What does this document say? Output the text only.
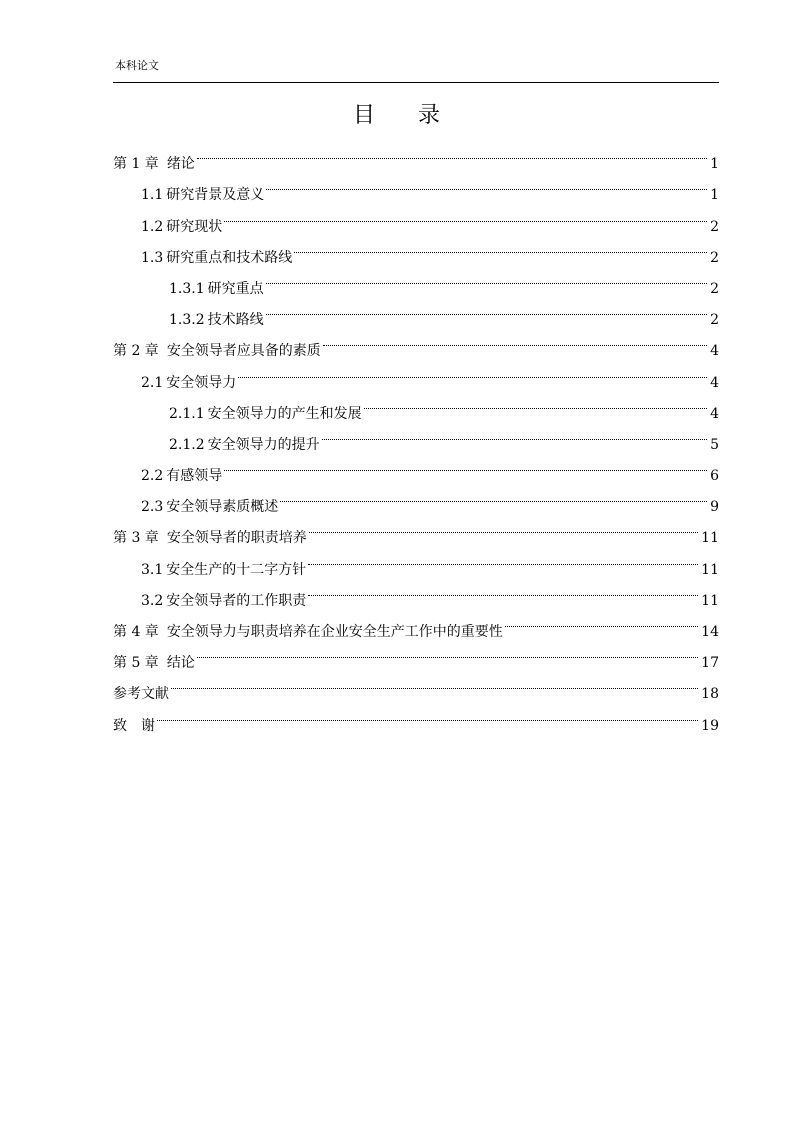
本科论文
目 录
第 1 章 绪论	1
1.1 研究背景及意义	1
1.2 研究现状	2
1.3 研究重点和技术路线	2
1.3.1 研究重点	2
1.3.2 技术路线	2
第 2 章 安全领导者应具备的素质	4
2.1 安全领导力	4
2.1.1 安全领导力的产生和发展	4
2.1.2 安全领导力的提升	5
2.2 有感领导	6
2.3 安全领导素质概述	9
第 3 章 安全领导者的职责培养	11
3.1 安全生产的十二字方针	11
3.2 安全领导者的工作职责	11
第 4 章 安全领导力与职责培养在企业安全生产工作中的重要性	14
第 5 章 结论	17
参考文献	18
致　谢	19
